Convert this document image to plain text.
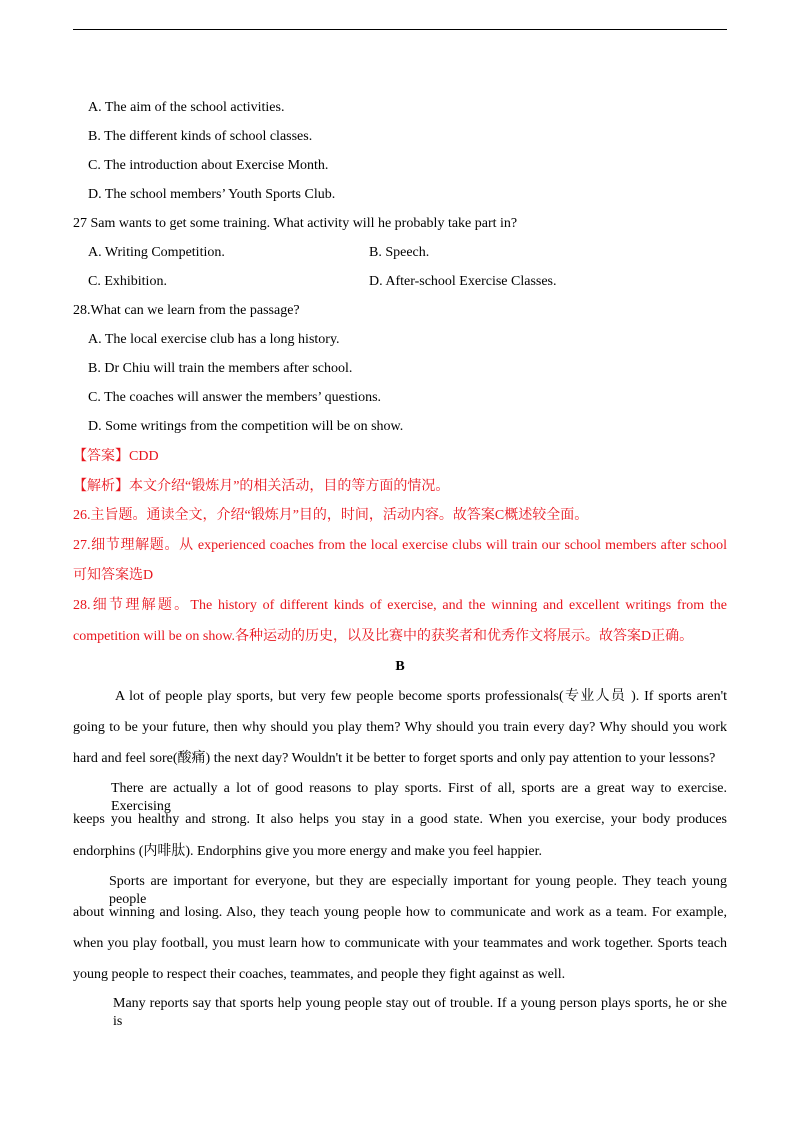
A. The aim of the school activities.
B. The different kinds of school classes.
C. The introduction about Exercise Month.
D. The school members’ Youth Sports Club.
27 Sam wants to get some training. What activity will he probably take part in?
A. Writing Competition.	B. Speech.
C. Exhibition.	D. After-school Exercise Classes.
28.What can we learn from the passage?
A. The local exercise club has a long history.
B. Dr Chiu will train the members after school.
C. The coaches will answer the members’ questions.
D. Some writings from the competition will be on show.
【答案】CDD
【解析】本文介绍“锻炼月”的相关活动，目的等方面的情况。
26.主旨题。通读全文，介绍“锻炼月”目的，时间，活动内容。故答案C概述较全面。
27.细节理解题。从 experienced coaches from the local exercise clubs will train our school members after school
可知答案选D
28.细节理解题。The history of different kinds of exercise, and the winning and excellent writings from the
competition will be on show.各种运动的历史，以及比赛中的获奖者和优秀作文将展示。故答案D正确。
B
A lot of people play sports, but very few people become sports professionals(专业人员 ). If sports aren't
going to be your future, then why should you play them? Why should you train every day? Why should you work
hard and feel sore(酸痛) the next day? Wouldn't it be better to forget sports and only pay attention to your lessons?
There are actually a lot of good reasons to play sports. First of all, sports are a great way to exercise. Exercising
keeps you healthy and strong. It also helps you stay in a good state. When you exercise, your body produces
endorphins (内啡肽). Endorphins give you more energy and make you feel happier.
Sports are important for everyone, but they are especially important for young people. They teach young people
about winning and losing. Also, they teach young people how to communicate and work as a team. For example,
when you play football, you must learn how to communicate with your teammates and work together. Sports teach
young people to respect their coaches, teammates, and people they fight against as well.
Many reports say that sports help young people stay out of trouble. If a young person plays sports, he or she is
